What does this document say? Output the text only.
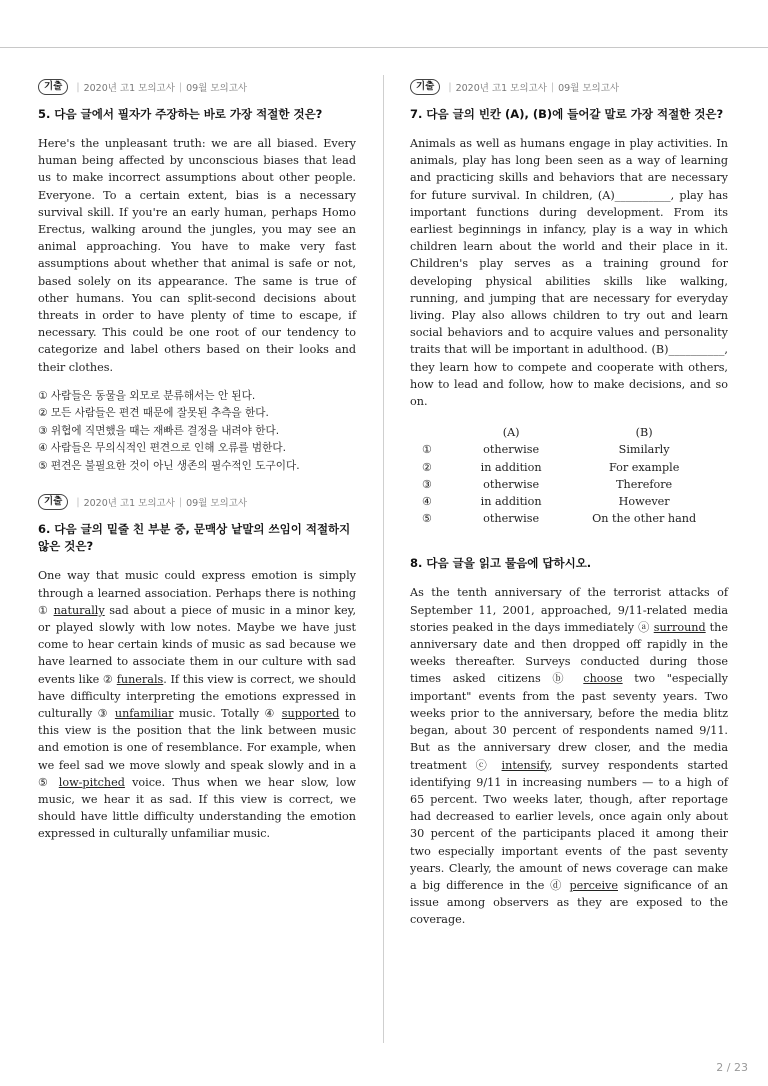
기출	| 2020년 고1 모의고사 | 09월 모의고사
5. 다음 글에서 필자가 주장하는 바로 가장 적절한 것은?

Here's the unpleasant truth: we are all biased. Every human being affected by unconscious biases that lead us to make incorrect assumptions about other people. Everyone. To a certain extent, bias is a necessary survival skill. If you're an early human, perhaps Homo Erectus, walking around the jungles, you may see an animal approaching. You have to make very fast assumptions about whether that animal is safe or not, based solely on its appearance. The same is true of other humans. You can split-second decisions about threats in order to have plenty of time to escape, if necessary. This could be one root of our tendency to categorize and label others based on their looks and their clothes.

① 사람들은 동물을 외모로 분류해서는 안 된다.
② 모든 사람들은 편견 때문에 잘못된 추측을 한다.
③ 위협에 직면했을 때는 재빠른 결정을 내려야 한다.
④ 사람들은 무의식적인 편견으로 인해 오류를 범한다.
⑤ 편견은 불필요한 것이 아닌 생존의 필수적인 도구이다.
기출	| 2020년 고1 모의고사 | 09월 모의고사
6. 다음 글의 밑줄 친 부분 중, 문맥상 낱말의 쓰임이 적절하지 않은 것은?

One way that music could express emotion is simply through a learned association. Perhaps there is nothing ① naturally sad about a piece of music in a minor key, or played slowly with low notes. Maybe we have just come to hear certain kinds of music as sad because we have learned to associate them in our culture with sad events like ② funerals. If this view is correct, we should have difficulty interpreting the emotions expressed in culturally ③ unfamiliar music. Totally ④ supported to this view is the position that the link between music and emotion is one of resemblance. For example, when we feel sad we move slowly and speak slowly and in a ⑤ low-pitched voice. Thus when we hear slow, low music, we hear it as sad. If this view is correct, we should have little difficulty understanding the emotion expressed in culturally unfamiliar music.

기출	| 2020년 고1 모의고사 | 09월 모의고사
7. 다음 글의 빈칸 (A), (B)에 들어갈 말로 가장 적절한 것은?

Animals as well as humans engage in play activities. In animals, play has long been seen as a way of learning and practicing skills and behaviors that are necessary for future survival. In children, (A)__________, play has important functions during development. From its earliest beginnings in infancy, play is a way in which children learn about the world and their place in it. Children's play serves as a training ground for developing physical abilities skills like walking, running, and jumping that are necessary for everyday living. Play also allows children to try out and learn social behaviors and to acquire values and personality traits that will be important in adulthood. (B)__________, they learn how to compete and cooperate with others, how to lead and follow, how to make decisions, and so on.

	(A)	(B)
①	otherwise	Similarly
②	in addition	For example
③	otherwise	Therefore
④	in addition	However
⑤	otherwise	On the other hand
8. 다음 글을 읽고 물음에 답하시오.

As the tenth anniversary of the terrorist attacks of September 11, 2001, approached, 9/11-related media stories peaked in the days immediately ⓐ surround the anniversary date and then dropped off rapidly in the weeks thereafter. Surveys conducted during those times asked citizens ⓑ choose two "especially important" events from the past seventy years. Two weeks prior to the anniversary, before the media blitz began, about 30 percent of respondents named 9/11. But as the anniversary drew closer, and the media treatment ⓒ intensify, survey respondents started identifying 9/11 in increasing numbers — to a high of 65 percent. Two weeks later, though, after reportage had decreased to earlier levels, once again only about 30 percent of the participants placed it among their two especially important events of the past seventy years. Clearly, the amount of news coverage can make a big difference in the ⓓ perceive significance of an issue among observers as they are exposed to the coverage.

2 / 23
